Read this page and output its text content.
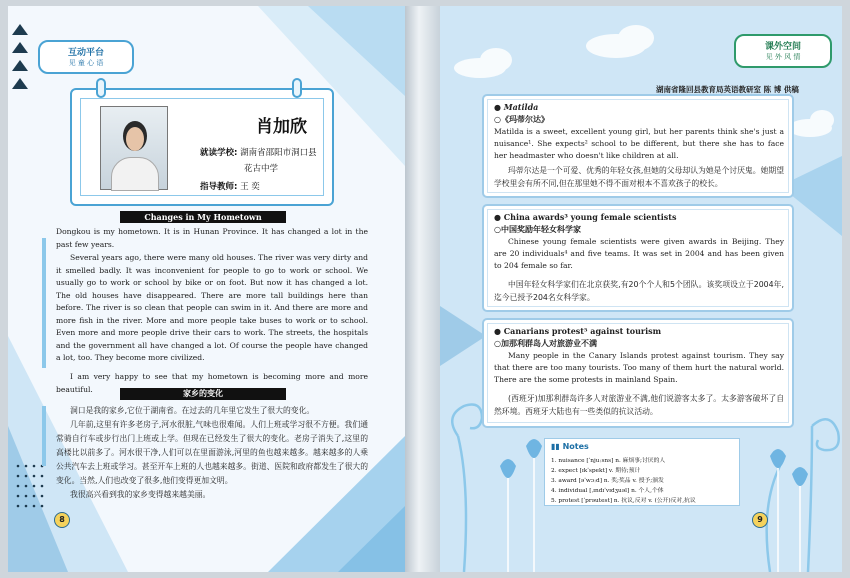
互动平台
见 童 心 语
肖加欣
就读学校: 湖南省邵阳市洞口县
花古中学
指导教师: 王 奕
Changes in My Hometown
Dongkou is my hometown. It is in Hunan Province. It has changed a lot in the past few years.
Several years ago, there were many old houses. The river was very dirty and it smelled badly. It was inconvenient for people to go to work or school. We usually go to work or school by bike or on foot. But now it has changed a lot. The old houses have disappeared. There are more tall buildings here than before. The river is so clean that people can swim in it. And there are more and more fish in the river. More and more people take buses to work or to school. Even more and more people drive their cars to work. The streets, the hospitals and the government all have changed a lot. Of course the people have changed a lot, too. They become more civilized.
I am very happy to see that my hometown is becoming more and more beautiful.	家乡的变化
洞口是我的家乡,它位于湖南省。在过去的几年里它发生了很大的变化。
几年前,这里有许多老房子,河水很脏,气味也很难闻。人们上班或学习很不方便。我们通常骑自行车或步行出门上班或上学。但现在已经发生了很大的变化。老房子消失了,这里的高楼比以前多了。河水很干净,人们可以在里面游泳,河里的鱼也越来越多。越来越多的人乘公共汽车去上班或学习。甚至开车上班的人也越来越多。街道、医院和政府都发生了很大的变化。当然,人们也改变了很多,他们变得更加文明。
我很高兴看到我的家乡变得越来越美丽。
8
课外空间
见 外 风 情
湖南省隆回县教育局英语教研室 陈 博 供稿
● Matilda
○《玛蒂尔达》
Matilda is a sweet, excellent young girl, but her parents think she's just a nuisance¹. She expects² school to be different, but there she has to face her headmaster who doesn't like children at all.
玛蒂尔达是一个可爱、优秀的年轻女孩,但她的父母却认为她是个讨厌鬼。她期望学校里会有所不同,但在那里她不得不面对根本不喜欢孩子的校长。
● China awards³ young female scientists
○中国奖励年轻女科学家
Chinese young female scientists were given awards in Beijing. They are 20 individuals⁴ and five teams. It was set in 2004 and has been given to 204 female so far.
中国年轻女科学家们在北京获奖,有20个个人和5个团队。该奖项设立于2004年,迄今已授予204名女科学家。
● Canarians protest⁵ against tourism
○加那利群岛人对旅游业不满
Many people in the Canary Islands protest against tourism. They say that there are too many tourists. Too many of them hurt the natural world. There are the some protests in mainland Spain.
(西班牙)加那利群岛许多人对旅游业不满,他们说游客太多了。太多游客破坏了自然环境。西班牙大陆也有一些类似的抗议活动。
▮▮ Notes
1. nuisance [ˈnjuːsns] n. 麻烦事;讨厌的人
2. expect [ɪkˈspekt] v. 期待;预计
3. award [əˈwɔːd] n. 奖;奖品 v. 授予;颁发
4. individual [ˌɪndɪˈvɪdʒuəl] n. 个人,个体
5. protest [ˈprəutest] n. 抗议,反对 v. (公开)反对,抗议
9
